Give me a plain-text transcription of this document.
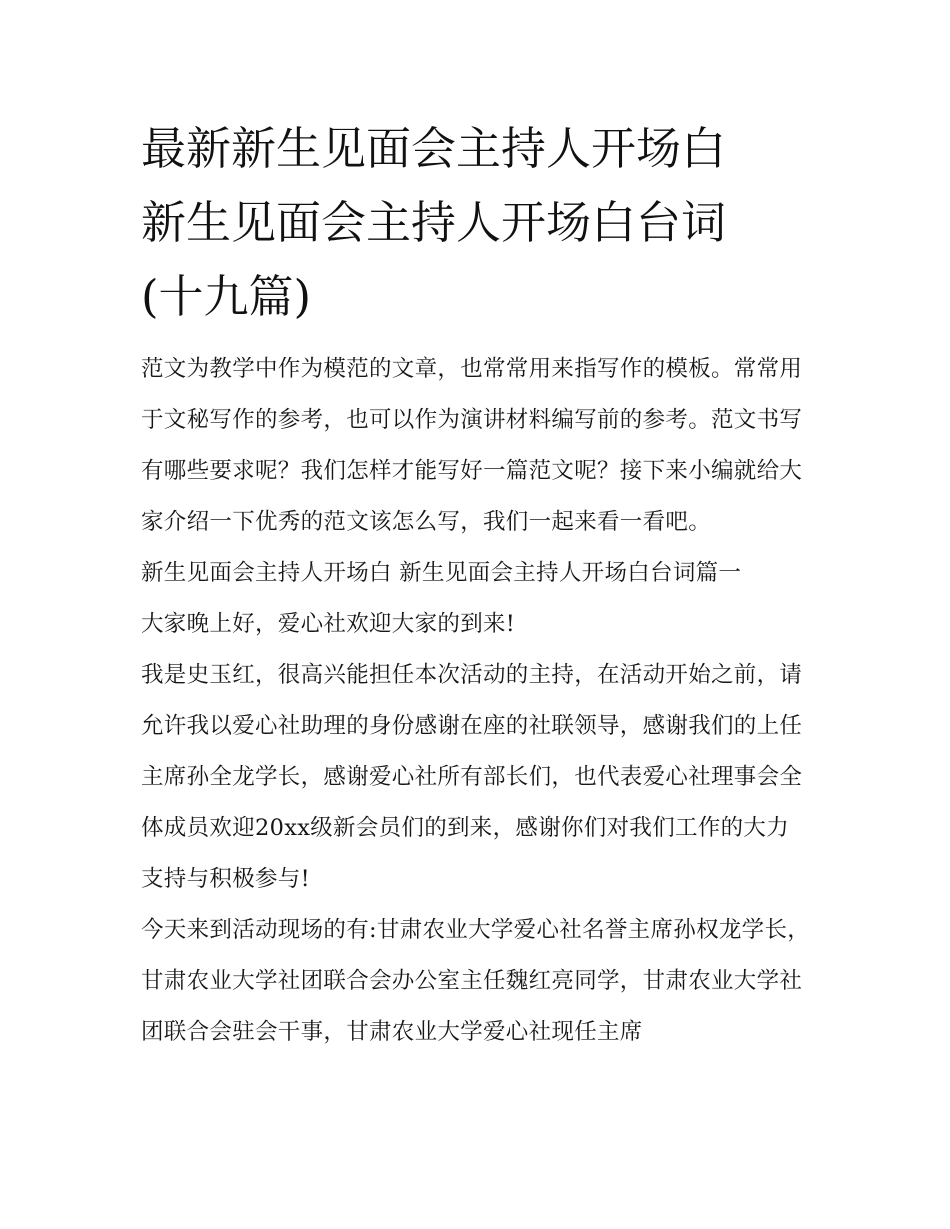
最新新生见面会主持人开场白
新生见面会主持人开场白台词
(十九篇)

范文为教学中作为模范的文章，也常常用来指写作的模板。常常用于文秘写作的参考，也可以作为演讲材料编写前的参考。范文书写有哪些要求呢？我们怎样才能写好一篇范文呢？接下来小编就给大家介绍一下优秀的范文该怎么写，我们一起来看一看吧。

新生见面会主持人开场白 新生见面会主持人开场白台词篇一

大家晚上好，爱心社欢迎大家的到来!

我是史玉红，很高兴能担任本次活动的主持，在活动开始之前，请允许我以爱心社助理的身份感谢在座的社联领导，感谢我们的上任主席孙全龙学长，感谢爱心社所有部长们，也代表爱心社理事会全体成员欢迎20xx级新会员们的到来，感谢你们对我们工作的大力支持与积极参与!

今天来到活动现场的有:甘肃农业大学爱心社名誉主席孙权龙学长，甘肃农业大学社团联合会办公室主任魏红亮同学，甘肃农业大学社团联合会驻会干事，甘肃农业大学爱心社现任主席
